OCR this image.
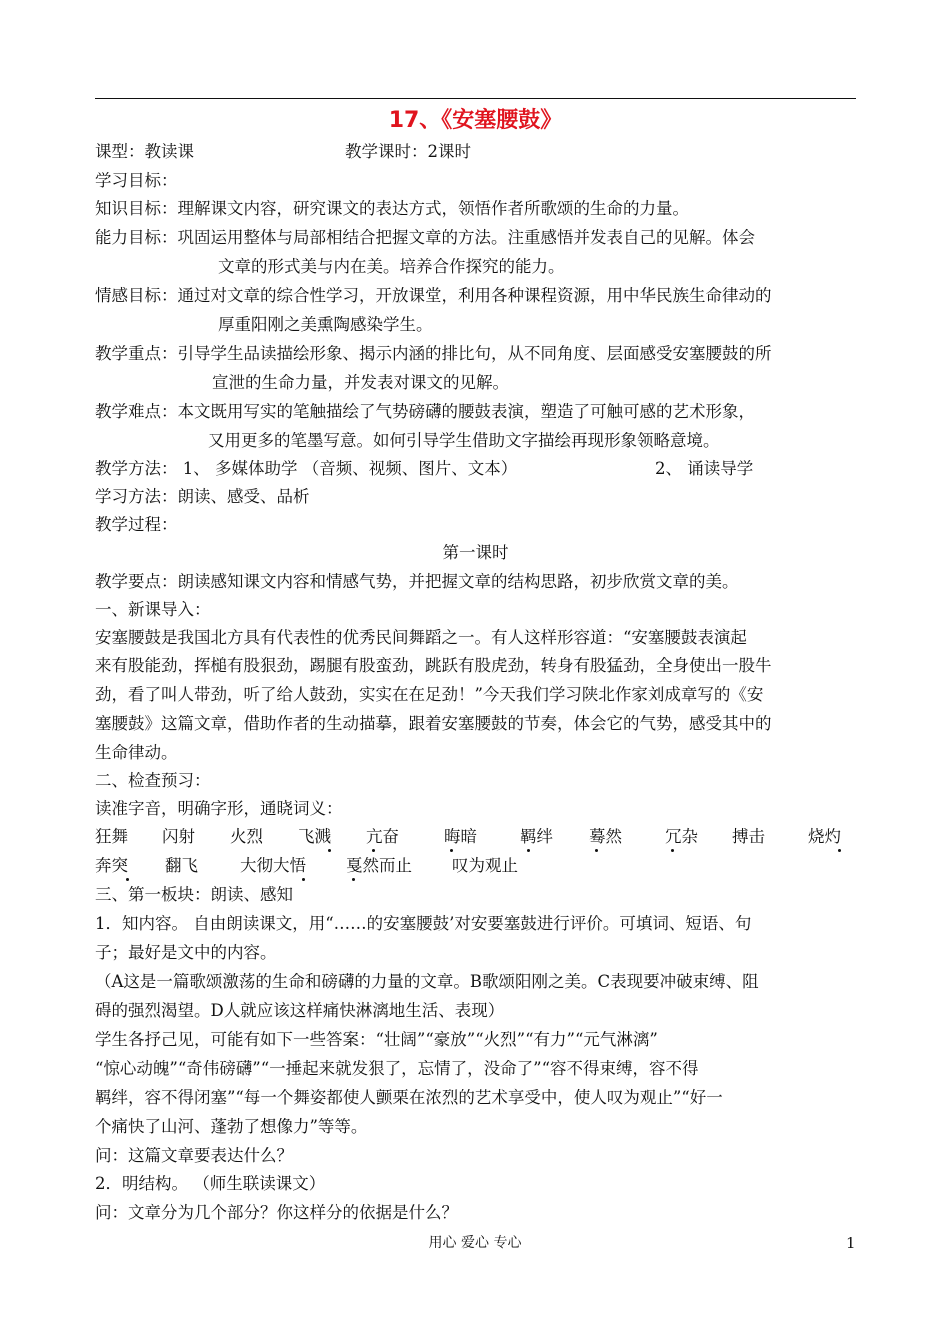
17、《安塞腰鼓》
课型：教读课	教学课时：2课时
学习目标：
知识目标：理解课文内容，研究课文的表达方式，领悟作者所歌颂的生命的力量。
能力目标：巩固运用整体与局部相结合把握文章的方法。注重感悟并发表自己的见解。体会
文章的形式美与内在美。培养合作探究的能力。
情感目标：通过对文章的综合性学习，开放课堂，利用各种课程资源，用中华民族生命律动的
厚重阳刚之美熏陶感染学生。
教学重点：引导学生品读描绘形象、揭示内涵的排比句，从不同角度、层面感受安塞腰鼓的所
宣泄的生命力量，并发表对课文的见解。
教学难点：本文既用写实的笔触描绘了气势磅礴的腰鼓表演，塑造了可触可感的艺术形象，
又用更多的笔墨写意。如何引导学生借助文字描绘再现形象领略意境。
教学方法： 1、 多媒体助学 （音频、视频、图片、文本）	2、 诵读导学
学习方法：朗读、感受、品析
教学过程：
第一课时
教学要点：朗读感知课文内容和情感气势，并把握文章的结构思路，初步欣赏文章的美。
一、新课导入：
安塞腰鼓是我国北方具有代表性的优秀民间舞蹈之一。有人这样形容道：“安塞腰鼓表演起
来有股能劲，挥槌有股狠劲，踢腿有股蛮劲，跳跃有股虎劲，转身有股猛劲，全身使出一股牛
劲，看了叫人带劲，听了给人鼓劲，实实在在足劲！”今天我们学习陕北作家刘成章写的《安
塞腰鼓》这篇文章，借助作者的生动描摹，跟着安塞腰鼓的节奏，体会它的气势，感受其中的
生命律动。
二、检查预习：
读准字音，明确字形，通晓词义：
狂舞 闪射 火烈 飞溅 亢奋	晦暗	羁绊 蓦然	冗杂 搏击	烧灼
奔突 翻飞	大彻大悟 戛然而止 叹为观止
三、第一板块：朗读、感知
1．知内容。 自由朗读课文，用“……的安塞腰鼓’对安要塞鼓进行评价。可填词、短语、句
子；最好是文中的内容。
（A这是一篇歌颂激荡的生命和磅礴的力量的文章。B歌颂阳刚之美。C表现要冲破束缚、阻
碍的强烈渴望。D人就应该这样痛快淋漓地生活、表现）
学生各抒己见，可能有如下一些答案：“壮阔”“豪放”“火烈”“有力”“元气淋漓”
“惊心动魄”“奇伟磅礴”“一捶起来就发狠了，忘情了，没命了”“容不得束缚，容不得
羁绊，容不得闭塞”“每一个舞姿都使人颤栗在浓烈的艺术享受中，使人叹为观止”“好一
个痛快了山河、蓬勃了想像力”等等。
问：这篇文章要表达什么？
2．明结构。 （师生联读课文）
问：文章分为几个部分？你这样分的依据是什么？
用心 爱心 专心	1
